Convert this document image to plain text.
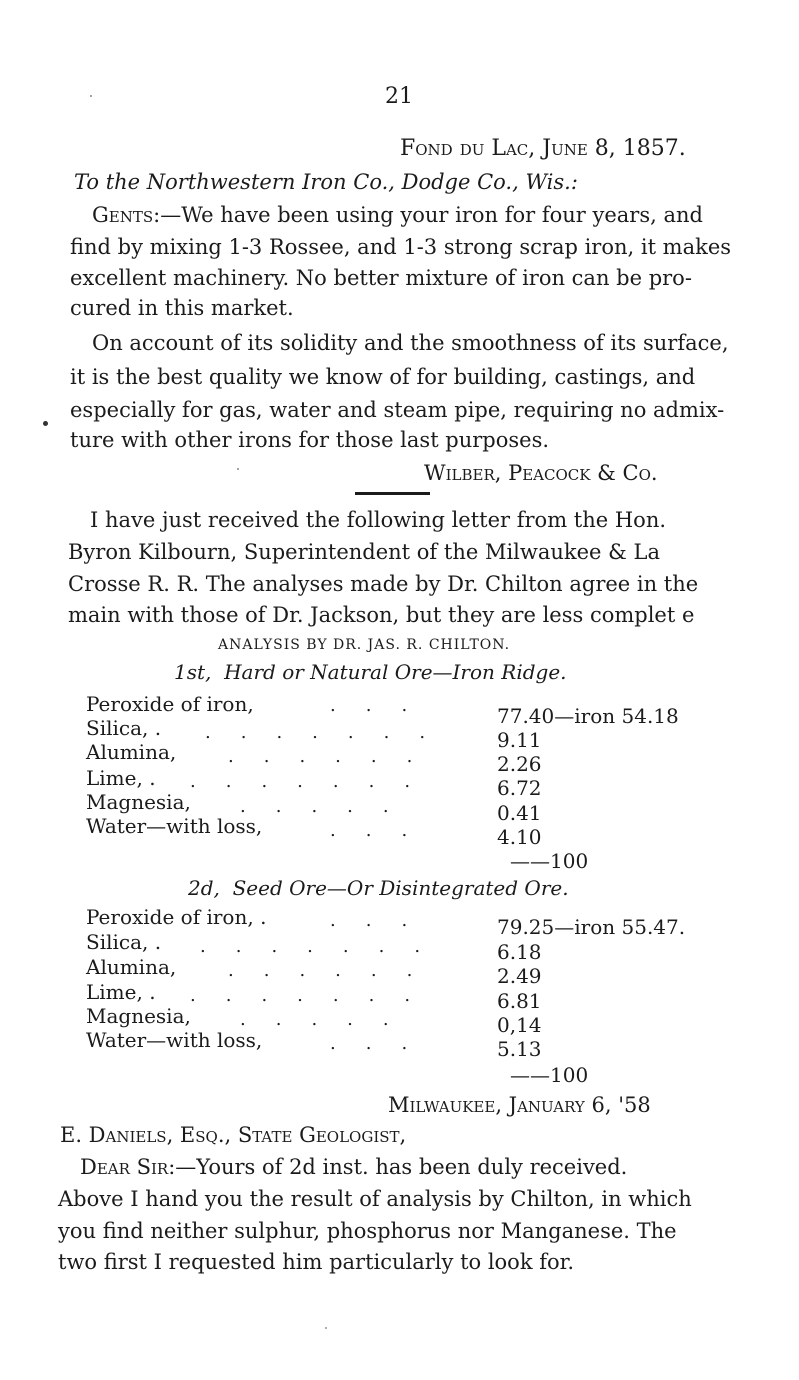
21
Fond du Lac, June 8, 1857.
To the Northwestern Iron Co., Dodge Co., Wis.:
Gents:—We have been using your iron for four years, and
find by mixing 1-3 Rossee, and 1-3 strong scrap iron, it makes
excellent machinery. No better mixture of iron can be pro-
cured in this market.
On account of its solidity and the smoothness of its surface,
it is the best quality we know of for building, castings, and
especially for gas, water and steam pipe, requiring no admix-
ture with other irons for those last purposes.
Wilber, Peacock & Co.
I have just received the following letter from the Hon.
Byron Kilbourn, Superintendent of the Milwaukee & La
Crosse R. R. The analyses made by Dr. Chilton agree in the
main with those of Dr. Jackson, but they are less complet e
ANALYSIS BY DR. JAS. R. CHILTON.
1st, Hard or Natural Ore—Iron Ridge.
Peroxide of iron,	...	77.40—iron 54.18
Silica, . ....... 9.11
Alumina,	......	2.26
Lime, . .......	6.72
Magnesia,	.....	0.41
Water—with loss,	...	4.10
——100
2d, Seed Ore—Or Disintegrated Ore.
Peroxide of iron, .	...	79.25—iron 55.47.
Silica, . ....... 6.18
Alumina,	......	2.49
Lime, . .......	6.81
Magnesia,	.....	0,14
Water—with loss,	...	5.13
——100
Milwaukee, January 6, '58
E. Daniels, Esq., State Geologist,
Dear Sir:—Yours of 2d inst. has been duly received.
Above I hand you the result of analysis by Chilton, in which
you find neither sulphur, phosphorus nor Manganese. The
two first I requested him particularly to look for.
